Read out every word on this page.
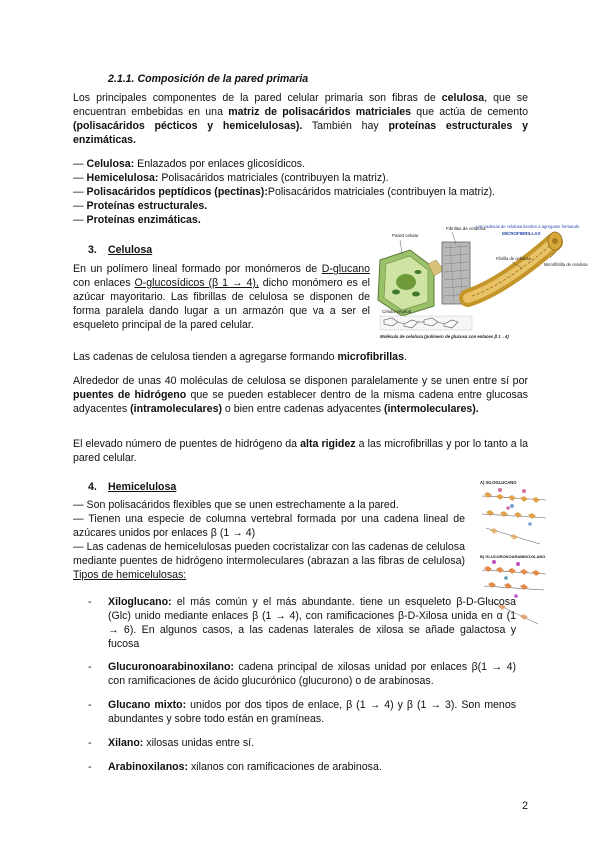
2.1.1. Composición de la pared primaria

Los principales componentes de la pared celular primaria son fibras de celulosa, que se encuentran embebidas en una matriz de polisacáridos matriciales que actúa de cemento (polisacáridos pécticos y hemicelulosas). También hay proteínas estructurales y enzimáticas.

— Celulosa: Enlazados por enlaces glicosídicos.
— Hemicelulosa: Polisacáridos matriciales (contribuyen la matriz).
— Polisacáridos peptídicos (pectinas):Polisacáridos matriciales (contribuyen la matriz).
— Proteínas estructurales.
— Proteínas enzimáticas.
3. Celulosa

En un polímero lineal formado por monómeros de D-glucano con enlaces O-glucosídicos (β 1 → 4), dicho monómero es el azúcar mayoritario. Las fibrillas de celulosa se disponen de forma paralela dando lugar a un armazón que va a ser el esqueleto principal de la pared celular.

Pared celular
Fibrillas de celulosa
Las cadenas de celulosa tienden a agregarse formando
MICROFIBRILLAS
Microfibrilla de celulosa
Fibrilla de celulosa
Célula Vegetal
Molécula de celulosa (polímero de glucosa con enlaces β 1→4)

Las cadenas de celulosa tienden a agregarse formando microfibrillas.

Alrededor de unas 40 moléculas de celulosa se disponen paralelamente y se unen entre sí por puentes de hidrógeno que se pueden establecer dentro de la misma cadena entre glucosas adyacentes (intramoleculares) o bien entre cadenas adyacentes (intermoleculares).

El elevado número de puentes de hidrógeno da alta rigidez a las microfibrillas y por lo tanto a la pared celular.

4. Hemicelulosa

— Son polisacáridos flexibles que se unen estrechamente a la pared.

— Tienen una especie de columna vertebral formada por una cadena lineal de azúcares unidos por enlaces β (1 → 4)

— Las cadenas de hemicelulosas pueden cocristalizar con las cadenas de celulosa mediante puentes de hidrógeno intermoleculares (abrazan a las fibras de celulosa) Tipos de hemicelulosas:

A) XILOGLUCANO
B) GLUCURONOARABINOXILANO
- Xiloglucano: el más común y el más abundante. tiene un esqueleto β-D-Glucosa (Glc) unido mediante enlaces β (1 → 4), con ramificaciones β-D-Xilosa unida en α (1 → 6). En algunos casos, a las cadenas laterales de xilosa se añade galactosa y fucosa

- Glucuronoarabinoxilano: cadena principal de xilosas unidad por enlaces β(1 → 4) con ramificaciones de ácido glucurónico (glucurono) o de arabinosas.

- Glucano mixto: unidos por dos tipos de enlace, β (1 → 4) y β (1 → 3). Son menos abundantes y sobre todo están en gramíneas.

- Xilano: xilosas unidas entre sí.

- Arabinoxilanos: xilanos con ramificaciones de arabinosa.

2
